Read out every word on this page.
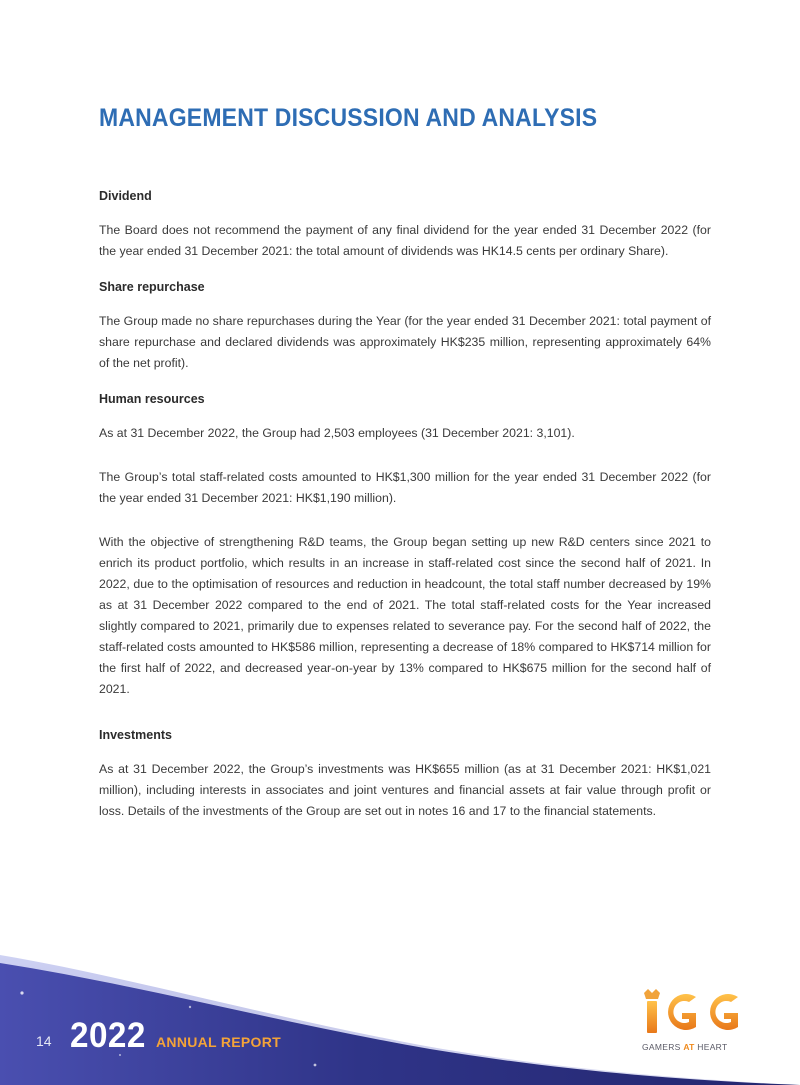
MANAGEMENT DISCUSSION AND ANALYSIS

Dividend

The Board does not recommend the payment of any final dividend for the year ended 31 December 2022 (for the year ended 31 December 2021: the total amount of dividends was HK14.5 cents per ordinary Share).

Share repurchase

The Group made no share repurchases during the Year (for the year ended 31 December 2021: total payment of share repurchase and declared dividends was approximately HK$235 million, representing approximately 64% of the net profit).

Human resources

As at 31 December 2022, the Group had 2,503 employees (31 December 2021: 3,101).

The Group’s total staff-related costs amounted to HK$1,300 million for the year ended 31 December 2022 (for the year ended 31 December 2021: HK$1,190 million).

With the objective of strengthening R&D teams, the Group began setting up new R&D centers since 2021 to enrich its product portfolio, which results in an increase in staff-related cost since the second half of 2021. In 2022, due to the optimisation of resources and reduction in headcount, the total staff number decreased by 19% as at 31 December 2022 compared to the end of 2021. The total staff-related costs for the Year increased slightly compared to 2021, primarily due to expenses related to severance pay. For the second half of 2022, the staff-related costs amounted to HK$586 million, representing a decrease of 18% compared to HK$714 million for the first half of 2022, and decreased year-on-year by 13% compared to HK$675 million for the second half of 2021.

Investments

As at 31 December 2022, the Group’s investments was HK$655 million (as at 31 December 2021: HK$1,021 million), including interests in associates and joint ventures and financial assets at fair value through profit or loss. Details of the investments of the Group are set out in notes 16 and 17 to the financial statements.

14 2022 ANNUAL REPORT	GAMERS AT HEART
